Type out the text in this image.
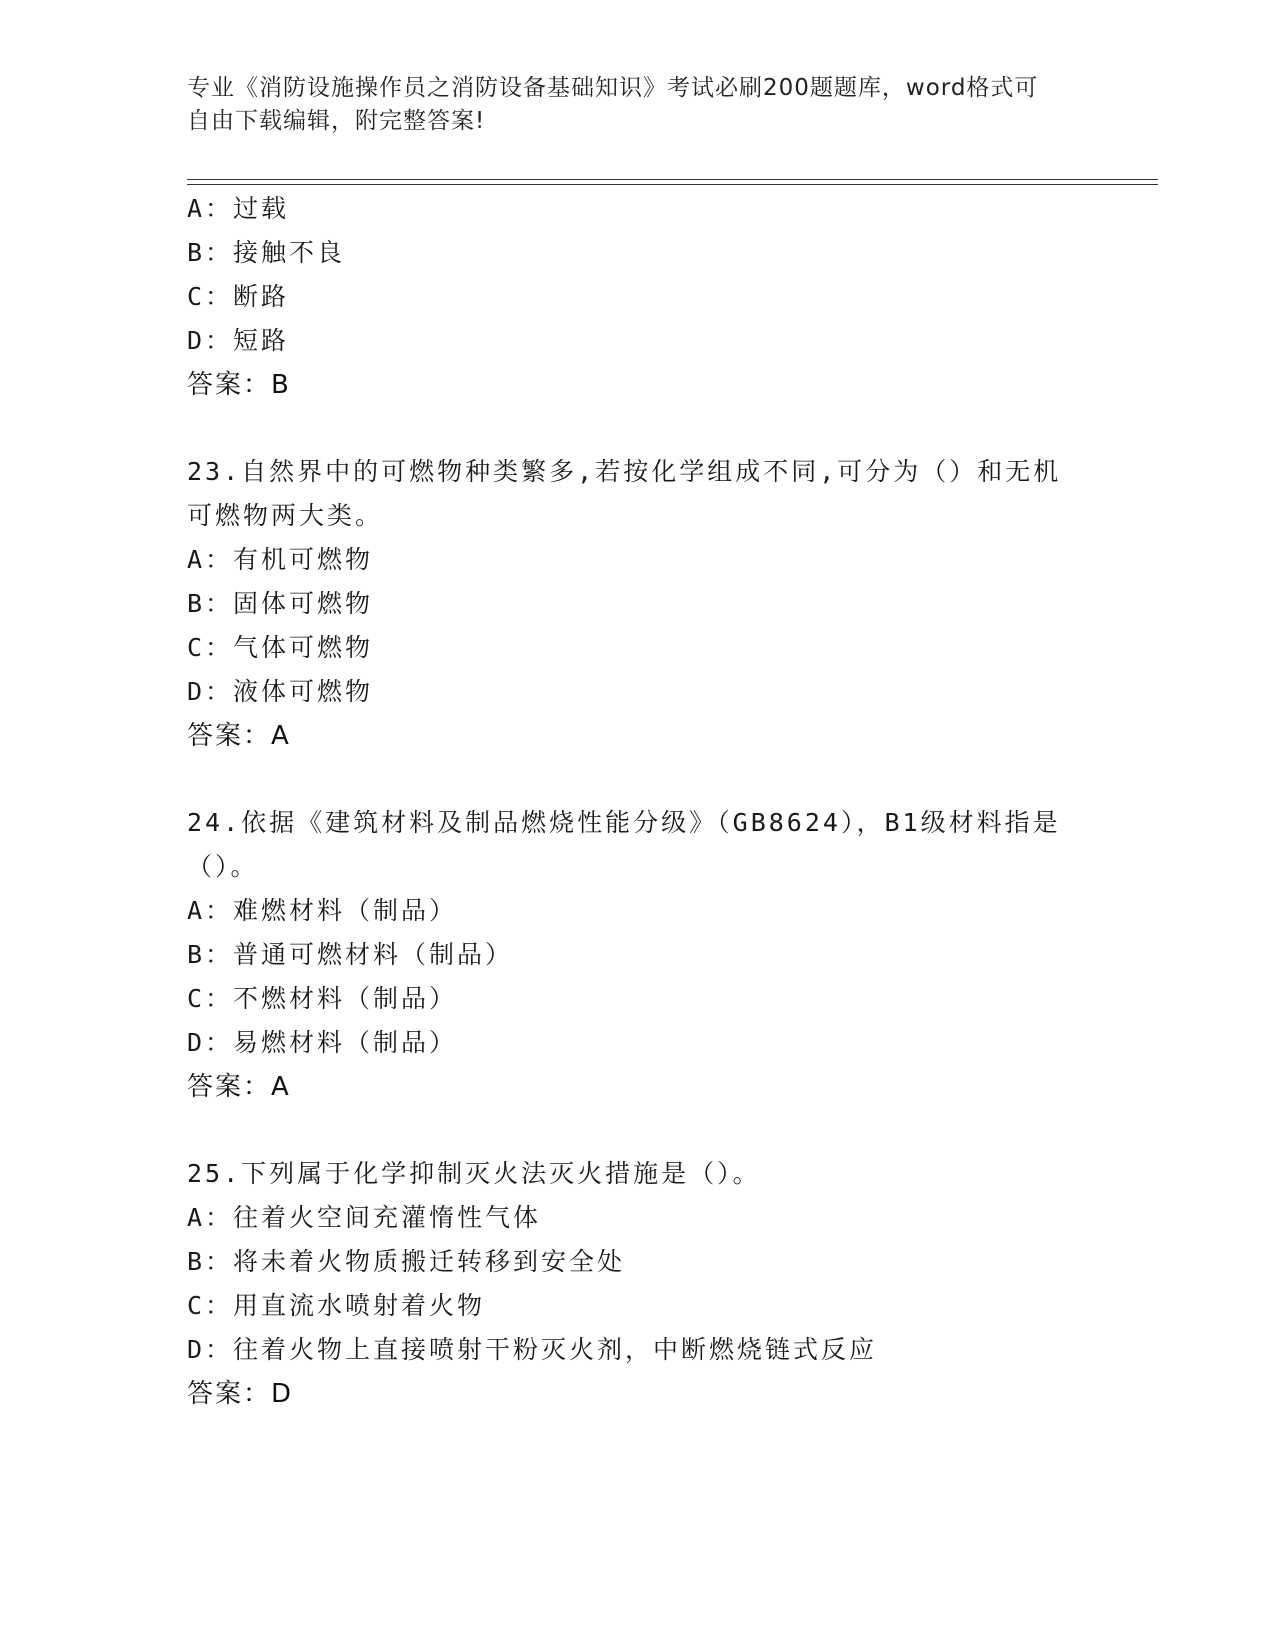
专业《消防设施操作员之消防设备基础知识》考试必刷200题题库，word格式可
自由下载编辑，附完整答案!
A：过载
B：接触不良
C：断路
D：短路
答案：B
23.自然界中的可燃物种类繁多,若按化学组成不同,可分为（）和无机
可燃物两大类。
A：有机可燃物
B：固体可燃物
C：气体可燃物
D：液体可燃物
答案：A
24.依据《建筑材料及制品燃烧性能分级》（GB8624），B1级材料指是
（）。
A：难燃材料（制品）
B：普通可燃材料（制品）
C：不燃材料（制品）
D：易燃材料（制品）
答案：A
25.下列属于化学抑制灭火法灭火措施是（）。
A：往着火空间充灌惰性气体
B：将未着火物质搬迁转移到安全处
C：用直流水喷射着火物
D：往着火物上直接喷射干粉灭火剂，中断燃烧链式反应
答案：D
